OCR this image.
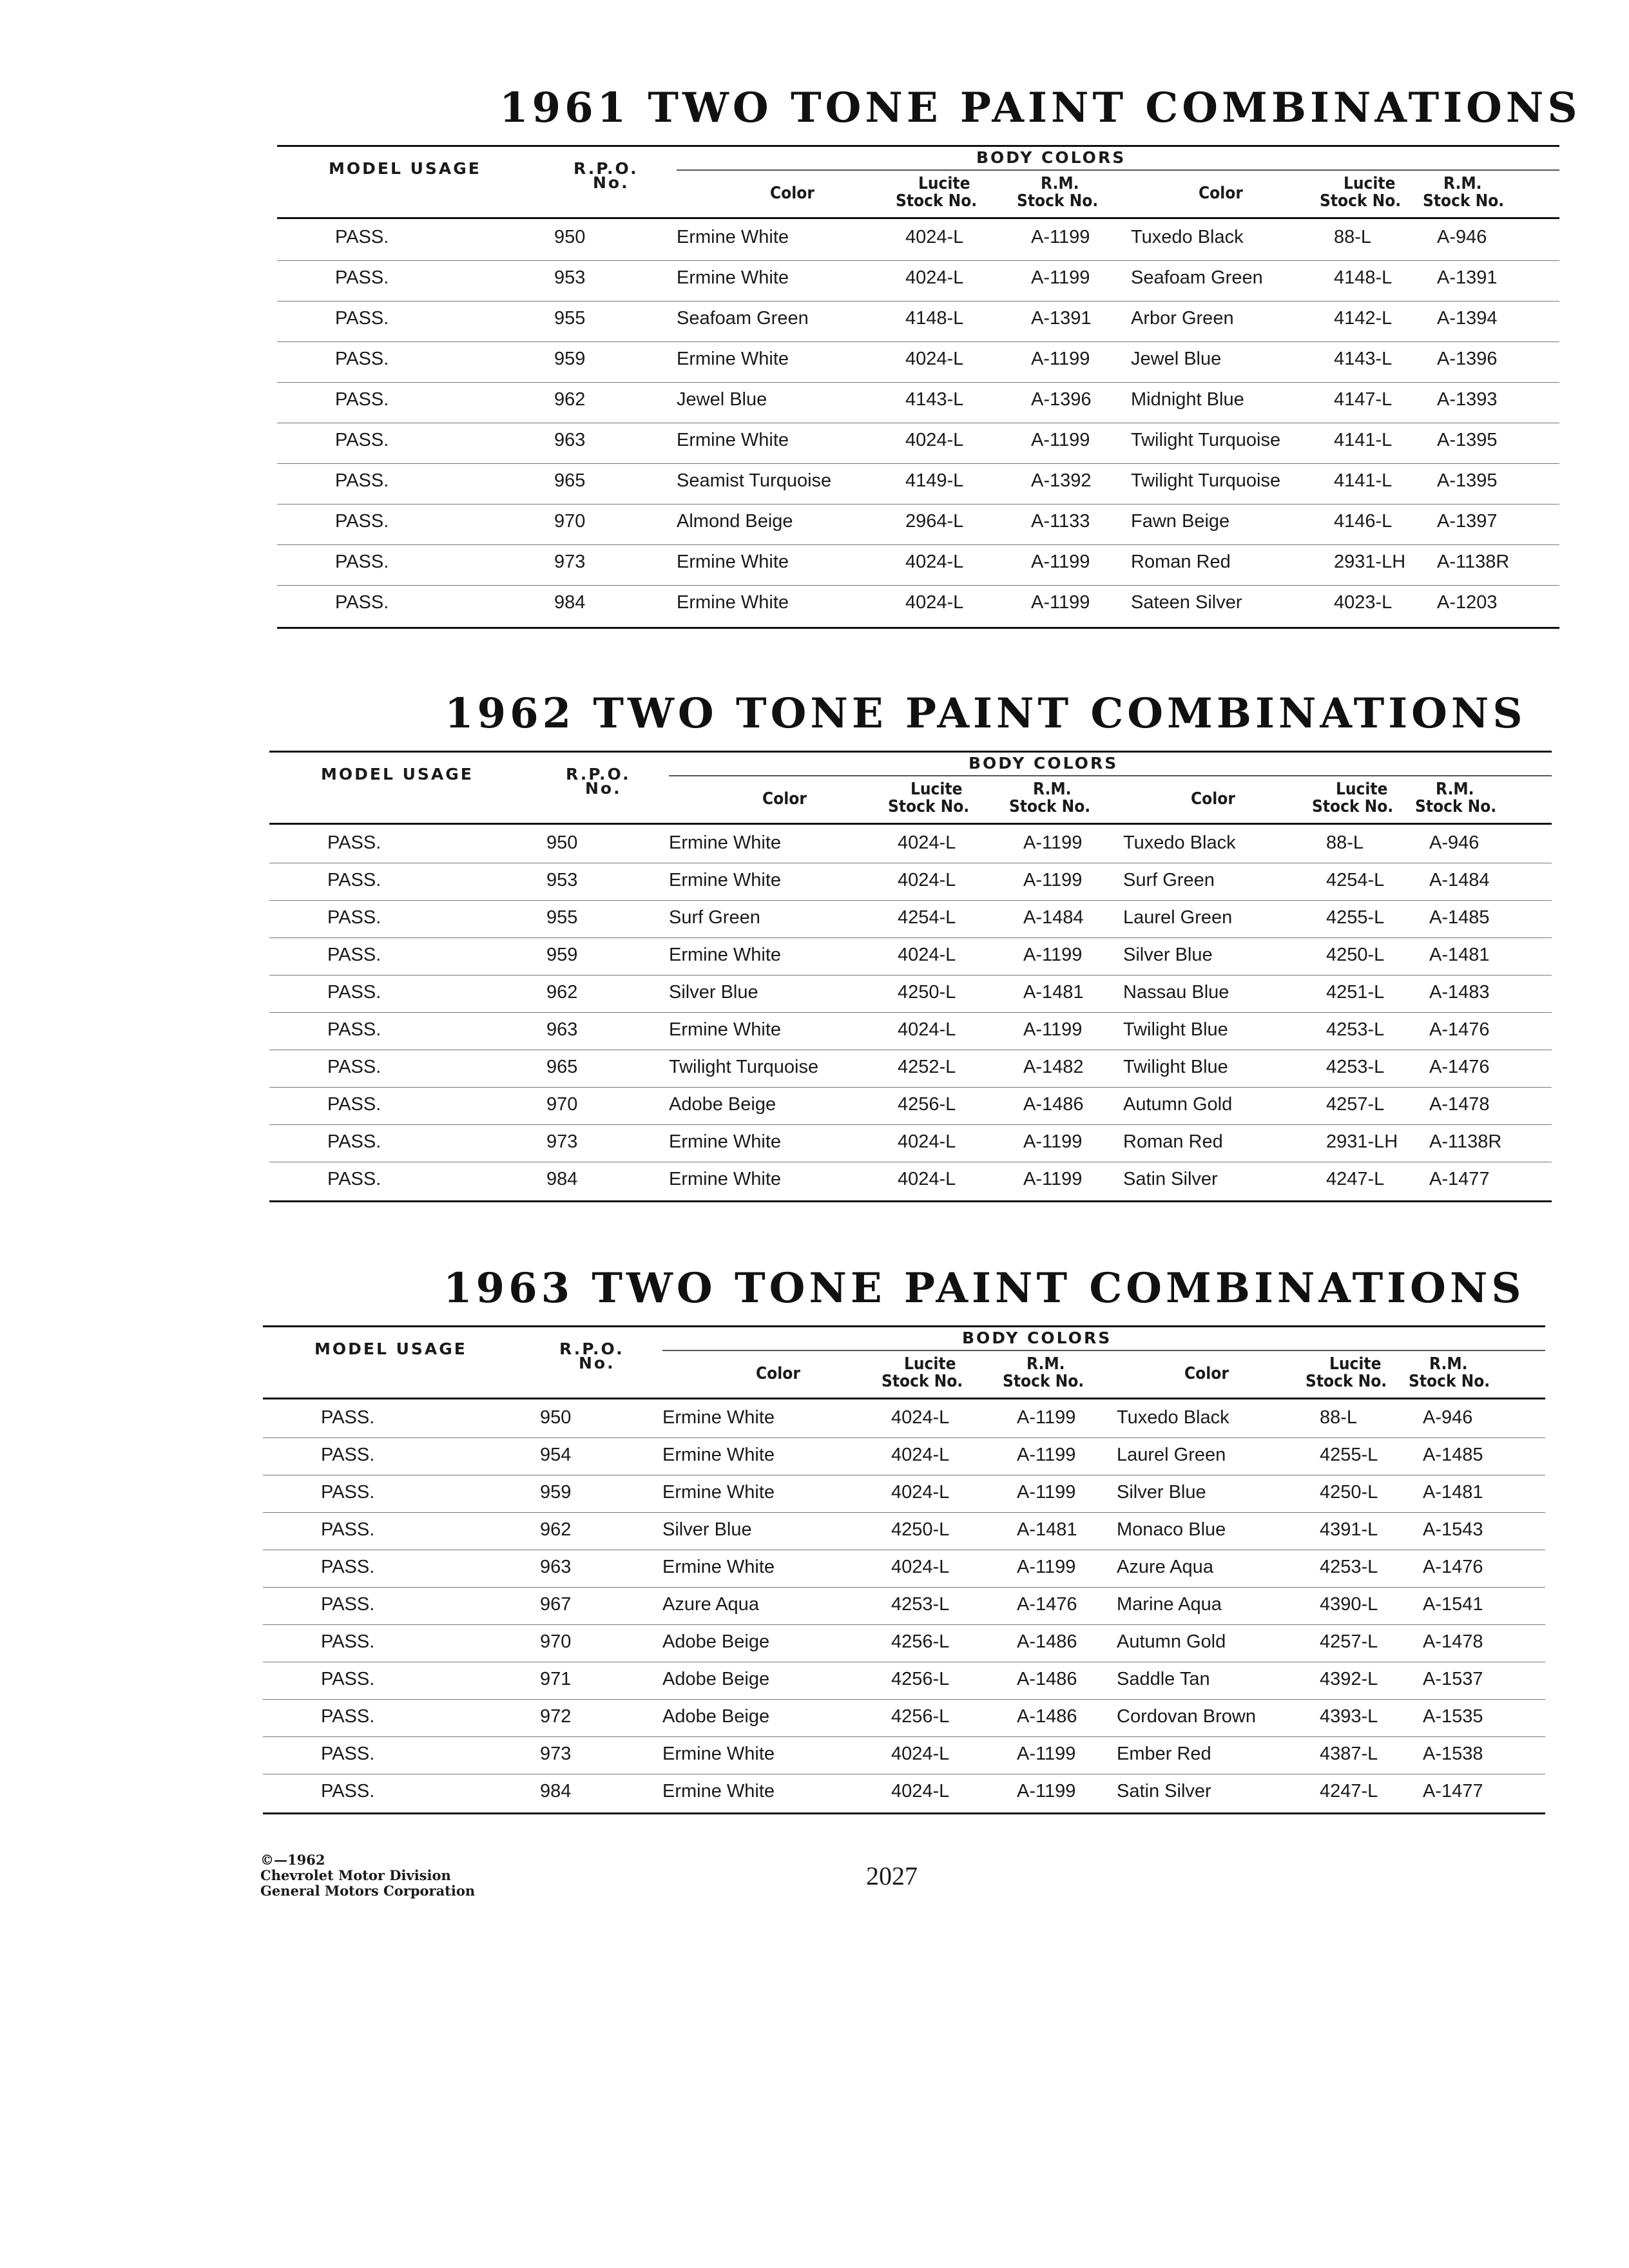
©—1962
Chevrolet Motor Division
General Motors Corporation
2027
1961 TWO TONE PAINT COMBINATIONS
MODEL USAGE	R.P.O.
No.
BODY COLORS
Color	Lucite
Stock No.
R.M.
Stock No.	Color	Lucite
Stock No.
R.M.
Stock No.
PASS.	950	Ermine White	4024-L	A-1199 Tuxedo Black	88-L	A-946
PASS.	953	Ermine White	4024-L	A-1199 Seafoam Green	4148-L A-1391
PASS.	955	Seafoam Green	4148-L	A-1391 Arbor Green	4142-L A-1394
PASS.	959	Ermine White	4024-L	A-1199 Jewel Blue	4143-L A-1396
PASS.	962	Jewel Blue	4143-L	A-1396 Midnight Blue	4147-L A-1393
PASS.	963	Ermine White	4024-L	A-1199 Twilight Turquoise	4141-L A-1395
PASS.	965	Seamist Turquoise	4149-L	A-1392 Twilight Turquoise	4141-L A-1395
PASS.	970	Almond Beige	2964-L	A-1133 Fawn Beige	4146-L A-1397
PASS.	973	Ermine White	4024-L	A-1199 Roman Red	2931-LH A-1138R
PASS.	984	Ermine White	4024-L	A-1199 Sateen Silver	4023-L A-1203
1962 TWO TONE PAINT COMBINATIONS
MODEL USAGE	R.P.O.
No.
BODY COLORS
Color	Lucite
Stock No.
R.M.
Stock No.	Color	Lucite
Stock No.
R.M.
Stock No.
PASS.	950	Ermine White	4024-L	A-1199 Tuxedo Black	88-L	A-946
PASS.	953	Ermine White	4024-L	A-1199 Surf Green	4254-L A-1484
PASS.	955	Surf Green	4254-L	A-1484 Laurel Green	4255-L A-1485
PASS.	959	Ermine White	4024-L	A-1199 Silver Blue	4250-L A-1481
PASS.	962	Silver Blue	4250-L	A-1481 Nassau Blue	4251-L A-1483
PASS.	963	Ermine White	4024-L	A-1199 Twilight Blue	4253-L A-1476
PASS.	965	Twilight Turquoise	4252-L	A-1482 Twilight Blue	4253-L A-1476
PASS.	970	Adobe Beige	4256-L	A-1486 Autumn Gold	4257-L A-1478
PASS.	973	Ermine White	4024-L	A-1199 Roman Red	2931-LH A-1138R
PASS.	984	Ermine White	4024-L	A-1199 Satin Silver	4247-L A-1477
1963 TWO TONE PAINT COMBINATIONS
MODEL USAGE	R.P.O.
No.
BODY COLORS
Color	Lucite
Stock No.
R.M.
Stock No.	Color	Lucite
Stock No.
R.M.
Stock No.
PASS.	950	Ermine White	4024-L	A-1199 Tuxedo Black	88-L	A-946
PASS.	954	Ermine White	4024-L	A-1199 Laurel Green	4255-L A-1485
PASS.	959	Ermine White	4024-L	A-1199 Silver Blue	4250-L A-1481
PASS.	962	Silver Blue	4250-L	A-1481 Monaco Blue	4391-L A-1543
PASS.	963	Ermine White	4024-L	A-1199 Azure Aqua	4253-L A-1476
PASS.	967	Azure Aqua	4253-L	A-1476 Marine Aqua	4390-L A-1541
PASS.	970	Adobe Beige	4256-L	A-1486 Autumn Gold	4257-L A-1478
PASS.	971	Adobe Beige	4256-L	A-1486 Saddle Tan	4392-L A-1537
PASS.	972	Adobe Beige	4256-L	A-1486 Cordovan Brown	4393-L A-1535
PASS.	973	Ermine White	4024-L	A-1199 Ember Red	4387-L A-1538
PASS.	984	Ermine White	4024-L	A-1199 Satin Silver	4247-L A-1477
